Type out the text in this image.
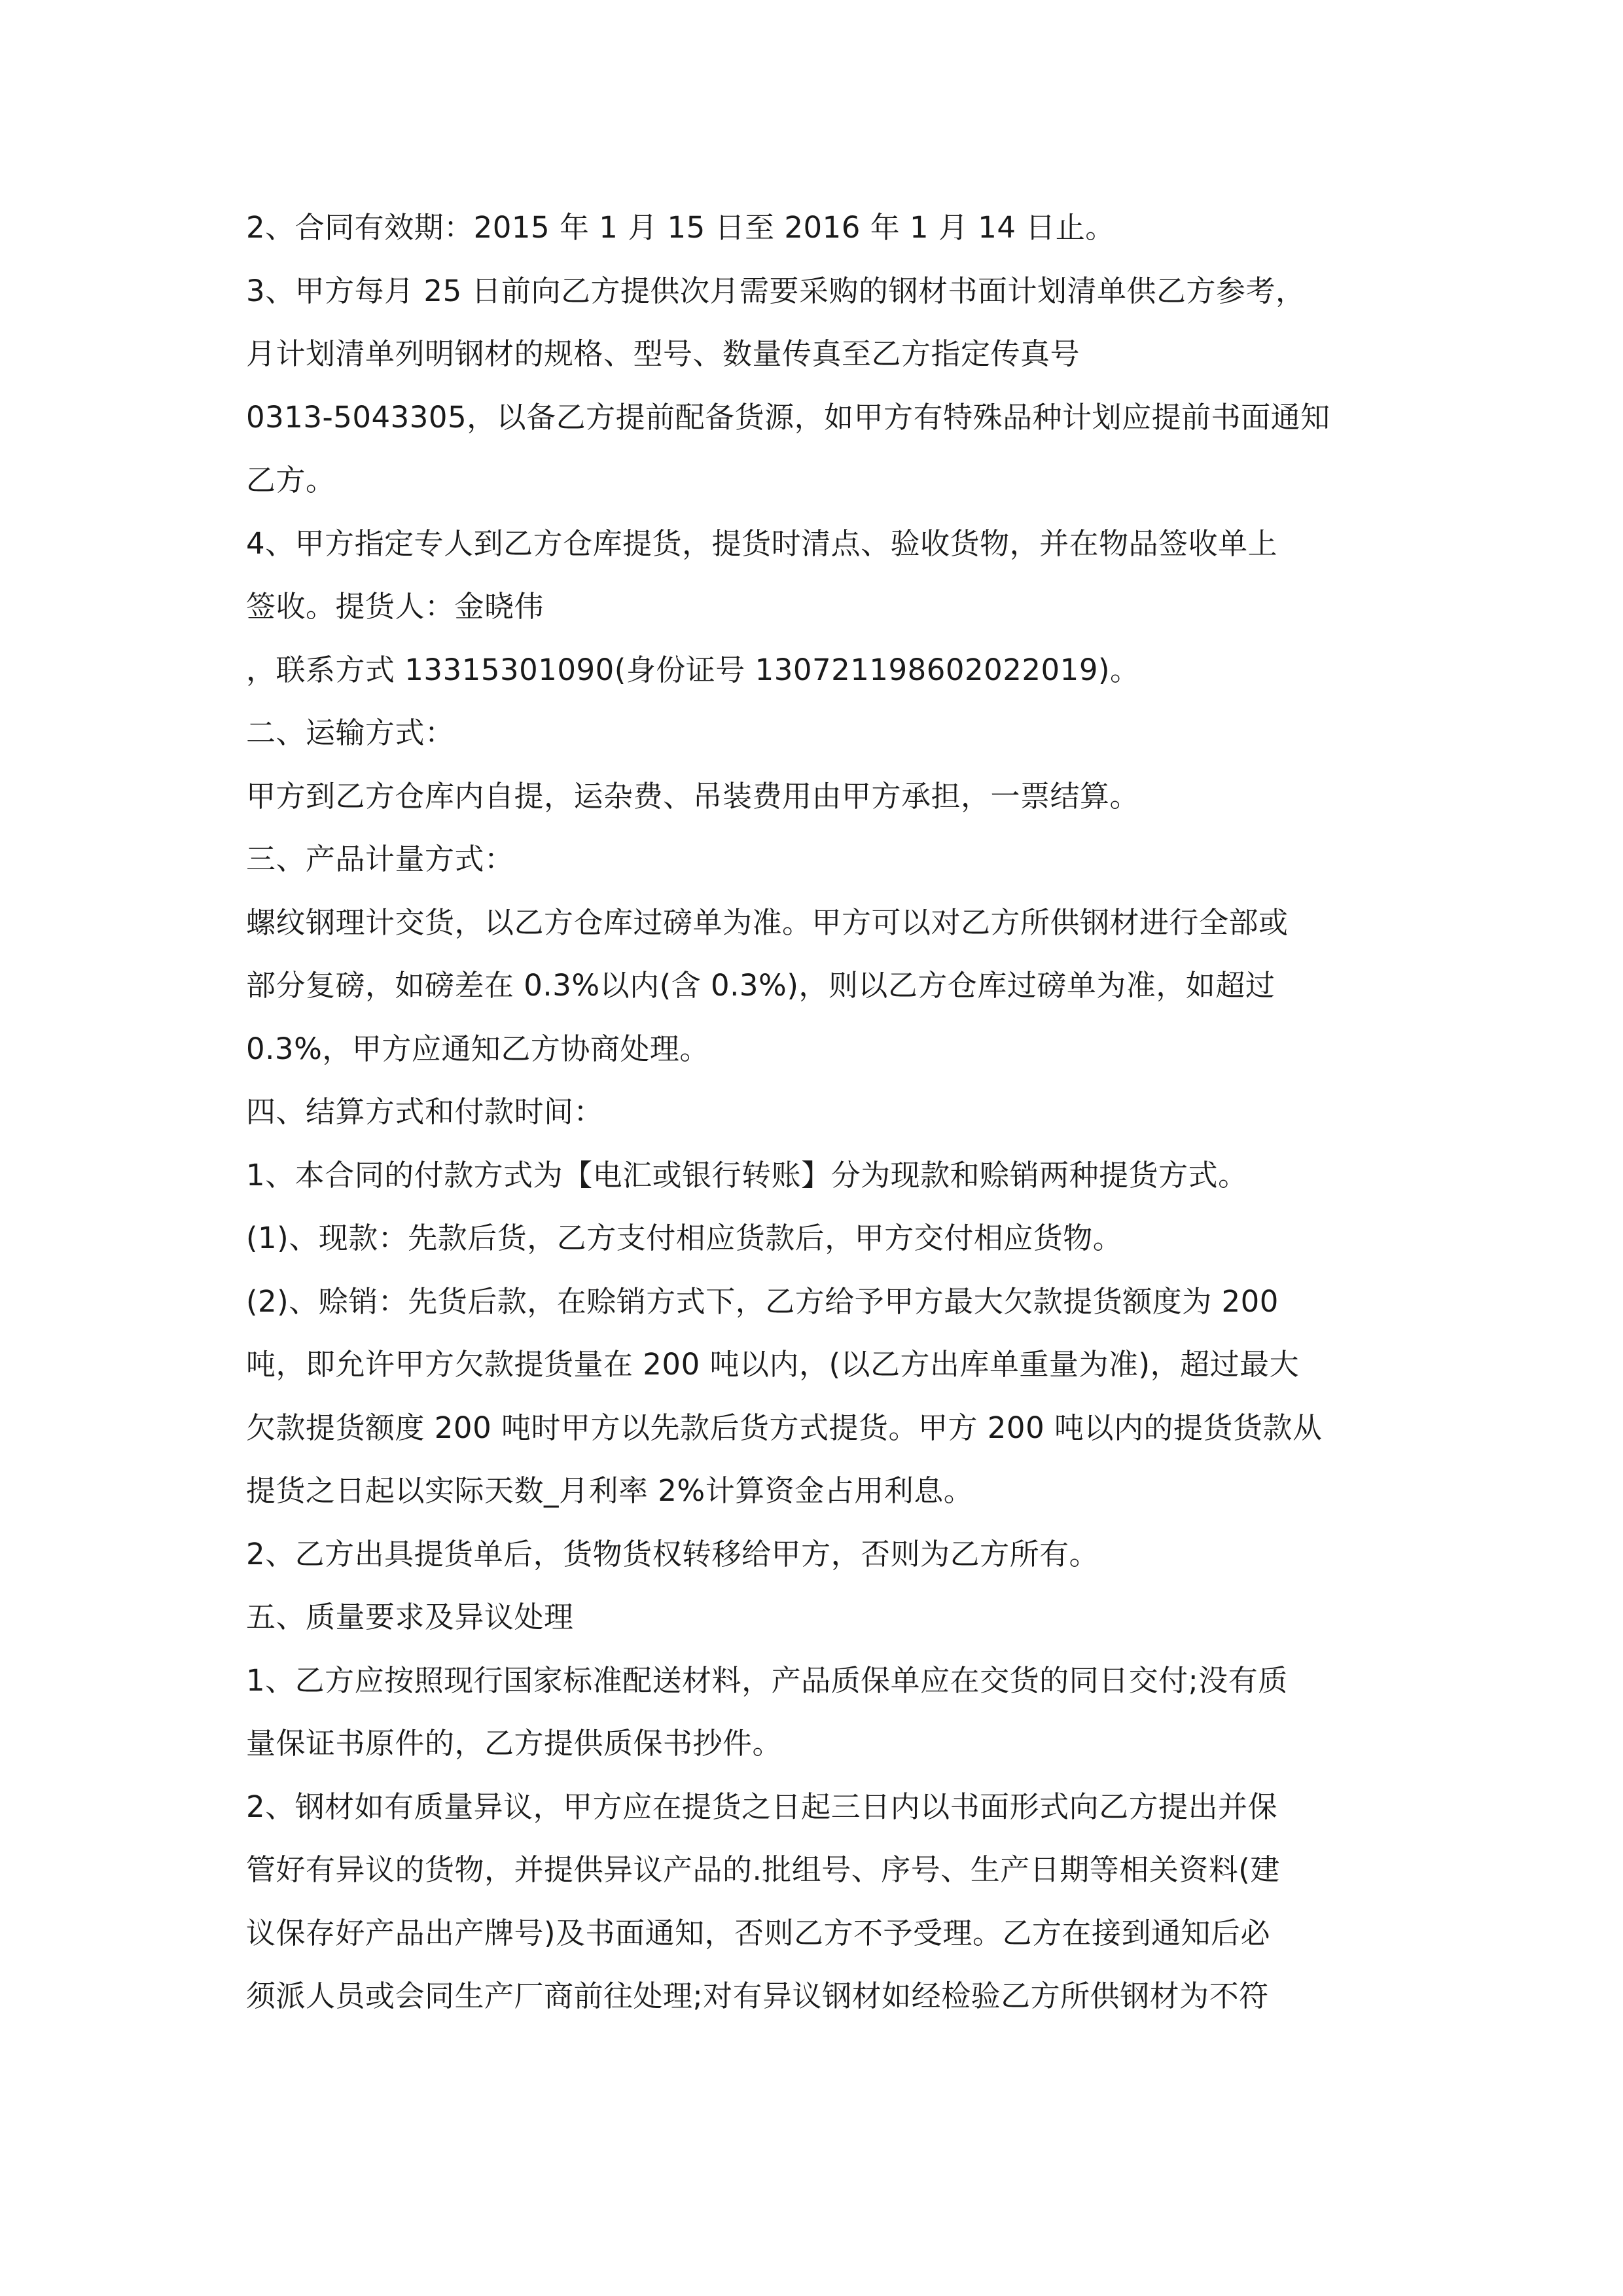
2、合同有效期：2015 年 1 月 15 日至 2016 年 1 月 14 日止。
3、甲方每月 25 日前向乙方提供次月需要采购的钢材书面计划清单供乙方参考，
月计划清单列明钢材的规格、型号、数量传真至乙方指定传真号
0313-5043305，以备乙方提前配备货源，如甲方有特殊品种计划应提前书面通知
乙方。
4、甲方指定专人到乙方仓库提货，提货时清点、验收货物，并在物品签收单上
签收。提货人：金晓伟
，联系方式 13315301090(身份证号 130721198602022019)。
二、运输方式：
甲方到乙方仓库内自提，运杂费、吊装费用由甲方承担，一票结算。
三、产品计量方式：
螺纹钢理计交货，以乙方仓库过磅单为准。甲方可以对乙方所供钢材进行全部或
部分复磅，如磅差在 0.3%以内(含 0.3%)，则以乙方仓库过磅单为准，如超过
0.3%，甲方应通知乙方协商处理。
四、结算方式和付款时间：
1、本合同的付款方式为【电汇或银行转账】分为现款和赊销两种提货方式。
(1)、现款：先款后货，乙方支付相应货款后，甲方交付相应货物。
(2)、赊销：先货后款，在赊销方式下，乙方给予甲方最大欠款提货额度为 200
吨，即允许甲方欠款提货量在 200 吨以内，(以乙方出库单重量为准)，超过最大
欠款提货额度 200 吨时甲方以先款后货方式提货。甲方 200 吨以内的提货货款从
提货之日起以实际天数_月利率 2%计算资金占用利息。
2、乙方出具提货单后，货物货权转移给甲方，否则为乙方所有。
五、质量要求及异议处理
1、乙方应按照现行国家标准配送材料，产品质保单应在交货的同日交付;没有质
量保证书原件的，乙方提供质保书抄件。
2、钢材如有质量异议，甲方应在提货之日起三日内以书面形式向乙方提出并保
管好有异议的货物，并提供异议产品的.批组号、序号、生产日期等相关资料(建
议保存好产品出产牌号)及书面通知，否则乙方不予受理。乙方在接到通知后必
须派人员或会同生产厂商前往处理;对有异议钢材如经检验乙方所供钢材为不符
